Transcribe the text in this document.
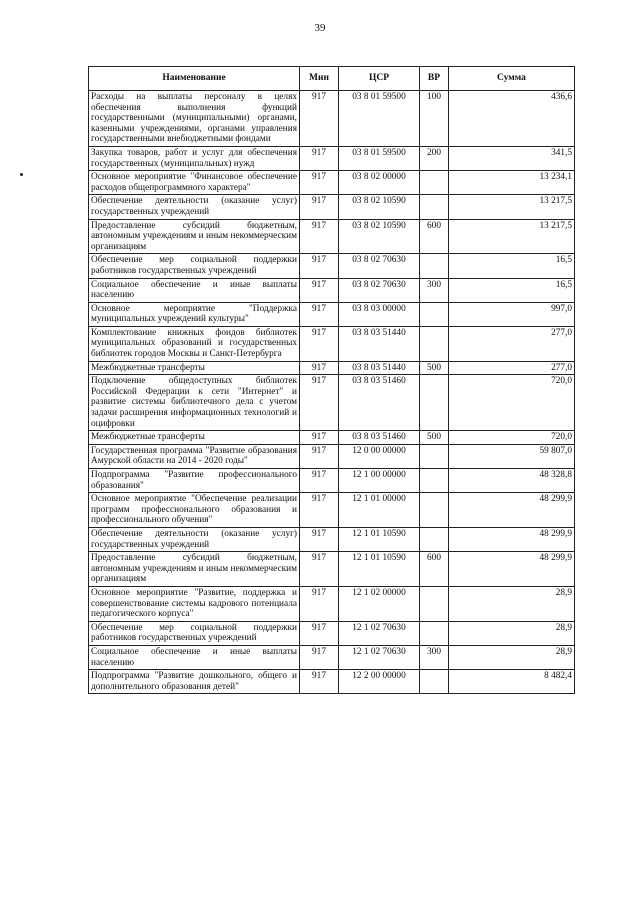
39
Наименование	Мин	ЦСР	ВР	Сумма
Расходы на выплаты персоналу в целях обеспечения выполнения функций государственными (муниципальными) органами, казенными учреждениями, органами управления государственными внебюджетными фондами	917	03 8 01 59500	100	436,6
Закупка товаров, работ и услуг для обеспечения государственных (муниципальных) нужд	917	03 8 01 59500	200	341,5
Основное мероприятие "Финансовое обеспечение расходов общепрограммного характера"	917	03 8 02 00000		13 234,1
Обеспечение деятельности (оказание услуг) государственных учреждений	917	03 8 02 10590		13 217,5
Предоставление субсидий бюджетным, автономным учреждениям и иным некоммерческим организациям	917	03 8 02 10590	600	13 217,5
Обеспечение мер социальной поддержки работников государственных учреждений	917	03 8 02 70630		16,5
Социальное обеспечение и иные выплаты населению	917	03 8 02 70630	300	16,5
Основное мероприятие "Поддержка муниципальных учреждений культуры"	917	03 8 03 00000		997,0
Комплектование книжных фондов библиотек муниципальных образований и государственных библиотек городов Москвы и Санкт-Петербурга	917	03 8 03 51440		277,0
Межбюджетные трансферты	917	03 8 03 51440	500	277,0
Подключение общедоступных библиотек Российской Федерации к сети "Интернет" и развитие системы библиотечного дела с учетом задачи расширения информационных технологий и оцифровки	917	03 8 03 51460		720,0
Межбюджетные трансферты	917	03 8 03 51460	500	720,0
Государственная программа "Развитие образования Амурской области на 2014 - 2020 годы"	917	12 0 00 00000		59 807,0
Подпрограмма "Развитие профессионального образования"	917	12 1 00 00000		48 328,8
Основное мероприятие "Обеспечение реализации программ профессионального образования и профессионального обучения"	917	12 1 01 00000		48 299,9
Обеспечение деятельности (оказание услуг) государственных учреждений	917	12 1 01 10590		48 299,9
Предоставление субсидий бюджетным, автономным учреждениям и иным некоммерческим организациям	917	12 1 01 10590	600	48 299,9
Основное мероприятие "Развитие, поддержка и совершенствование системы кадрового потенциала педагогического корпуса"	917	12 1 02 00000		28,9
Обеспечение мер социальной поддержки работников государственных учреждений	917	12 1 02 70630		28,9
Социальное обеспечение и иные выплаты населению	917	12 1 02 70630	300	28,9
Подпрограмма "Развитие дошкольного, общего и дополнительного образования детей"	917	12 2 00 00000		8 482,4
